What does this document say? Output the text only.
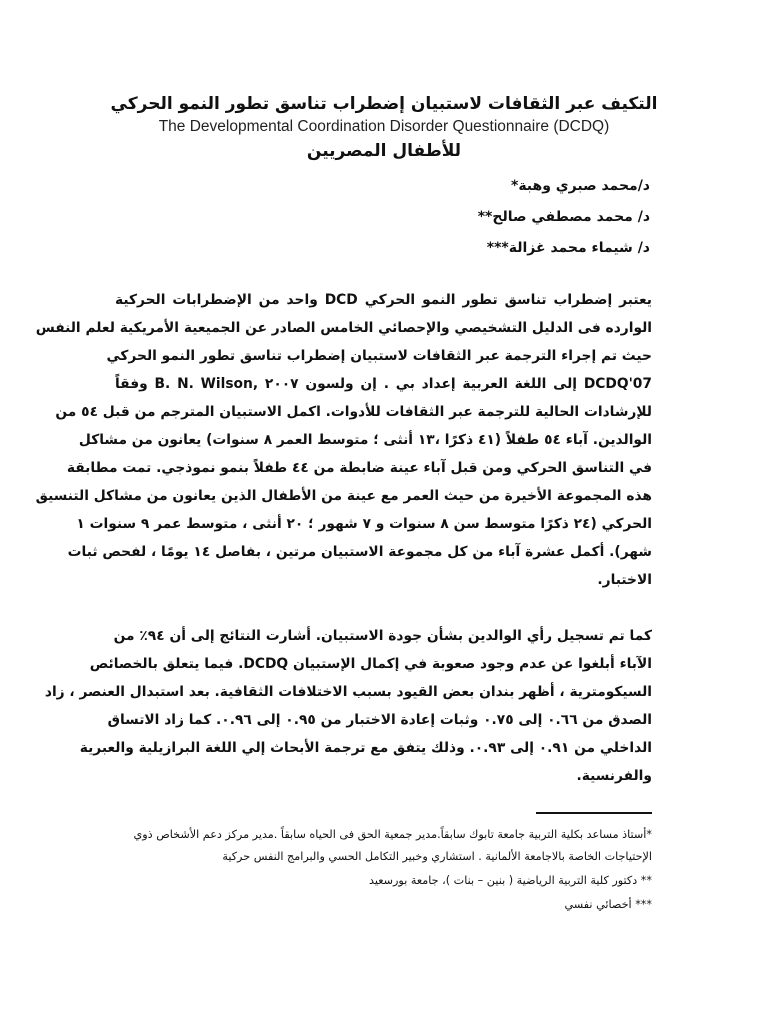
التكيف عبر الثقافات لاستبيان إضطراب تناسق تطور النمو الحركي

The Developmental Coordination Disorder Questionnaire (DCDQ)

للأطفال المصريين

د/محمد صبري وهبة*
د/ محمد مصطفي صالح**
د/ شيماء محمد غزالة***
يعتبر إضطراب تناسق تطور النمو الحركي DCD واحد من الإضطرابات الحركية
الوارده فى الدليل التشخيصي والإحصائي الخامس الصادر عن الجميعية الأمريكية لعلم النفس
حيث تم إجراء الترجمة عبر الثقافات لاستبيان إضطراب تناسق تطور النمو الحركي
DCDQ'07 إلى اللغة العربية إعداد بي . إن ولسون ٢٠٠٧ ,B. N. Wilson وفقاً
للإرشادات الحالية للترجمة عبر الثقافات للأدوات. اكمل الاستبيان المترجم من قبل ٥٤ من
الوالدين. آباء ٥٤ طفلاً (٤١ ذكرًا ،١٣ أنثى ؛ متوسط العمر ٨ سنوات) يعانون من مشاكل
في التناسق الحركي ومن قبل آباء عينة ضابطة من ٤٤ طفلاً بنمو نموذجي. تمت مطابقة
هذه المجموعة الأخيرة من حيث العمر مع عينة من الأطفال الذين يعانون من مشاكل التنسيق
الحركي (٢٤ ذكرًا متوسط سن ٨ سنوات و ٧ شهور ؛ ٢٠ أنثى ، متوسط عمر ٩ سنوات ١
شهر). أكمل عشرة آباء من كل مجموعة الاستبيان مرتين ، بفاصل ١٤ يومًا ، لفحص ثبات
الاختبار.
كما تم تسجيل رأي الوالدين بشأن جودة الاستبيان. أشارت النتائج إلى أن ٩٤٪ من
الآباء أبلغوا عن عدم وجود صعوبة في إكمال الإستبيان DCDQ. فيما يتعلق بالخصائص
السيكومترية ، أظهر بندان بعض القيود بسبب الاختلافات الثقافية. بعد استبدال العنصر ، زاد
الصدق من ٠.٦٦ إلى ٠.٧٥ وثبات إعادة الاختبار من ٠.٩٥ إلى ٠.٩٦. كما زاد الاتساق
الداخلي من ٠.٩١ إلى ٠.٩٣. وذلك يتفق مع ترجمة الأبحاث إلي اللغة البرازيلية والعبرية
والفرنسية.
*أستاذ مساعد بكلية التربية جامعة تابوك سابقاً.مدير جمعية الحق فى الحياه سابقاً .مدير مركز دعم الأشخاص ذوي
الإحتياجات الخاصة بالاجامعة الألمانية . استشاري وخبير التكامل الحسي والبرامج النفس حركية
** دكتور كلية التربية الرياضية ( بنين – بنات )، جامعة بورسعيد
*** أخصائي نفسي
